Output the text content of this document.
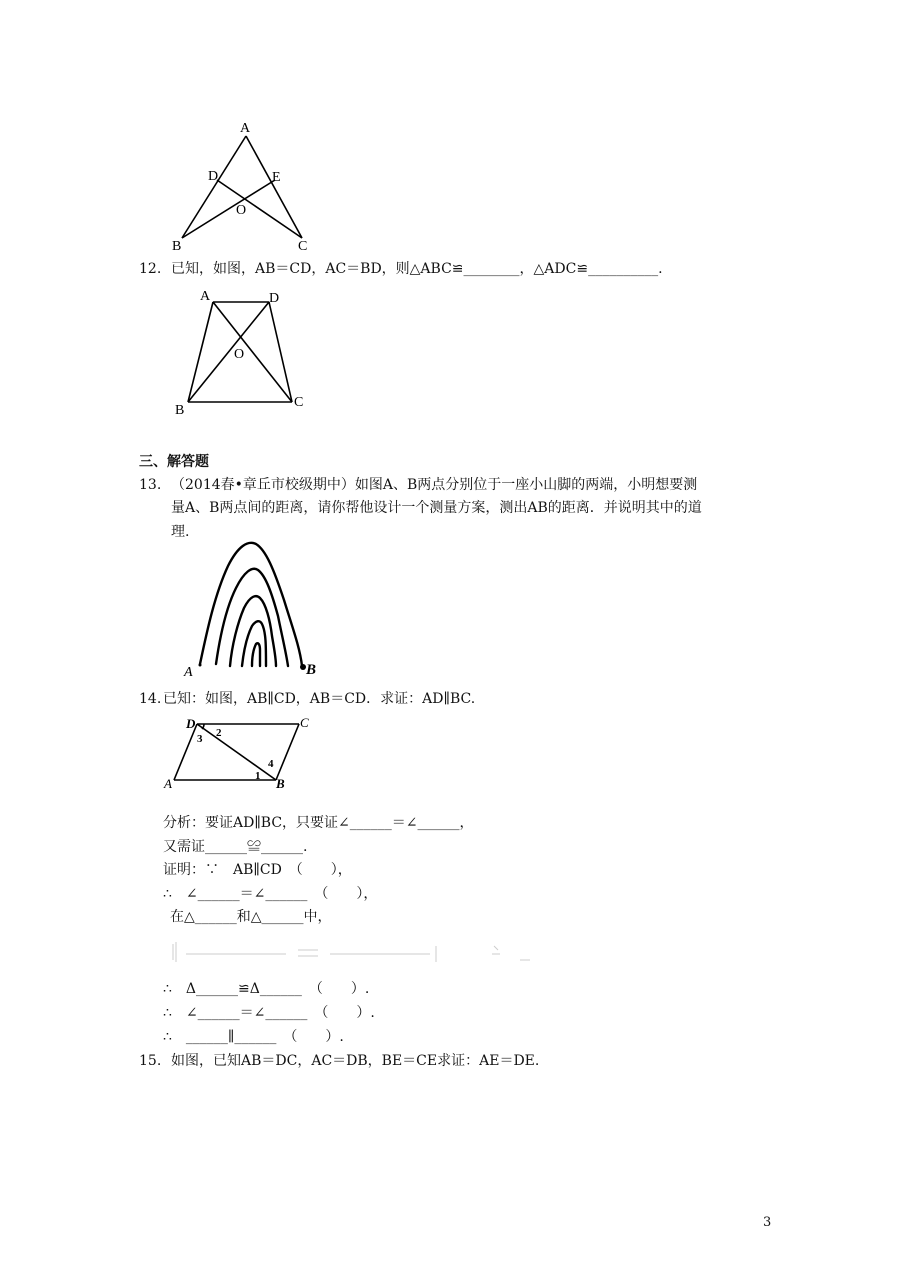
A
D	E
O
B	C
12. 已知，如图，AB＝CD，AC＝BD，则△ABC≌________，△ADC≌__________.
A	D
O
B
C
三、解答题
13. （2014春•章丘市校级期中）如图A、B两点分别位于一座小山脚的两端，小明想要测
量A、B两点间的距离，请你帮他设计一个测量方案，测出AB的距离．并说明其中的道
理.
A	B
14. 已知：如图，AB∥CD，AB＝CD．求证：AD∥BC.
D	C
A	B
1
2
3
4
分析：要证AD∥BC，只要证∠______＝∠______，
又需证______≌______.
证明：∵　AB∥CD　（　　），
∴　∠______＝∠______　（　　），
在△______和△______中，
∴　Δ______≌Δ______　（　　）.
∴　∠______＝∠______　（　　）.
∴　______∥______　（　　）.
15. 如图，已知AB＝DC，AC＝DB，BE＝CE求证：AE＝DE.
3
